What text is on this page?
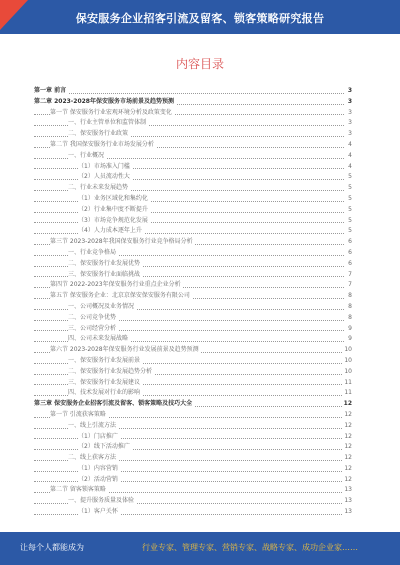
保安服务企业招客引流及留客、锁客策略研究报告
内容目录
第一章 前言	3
第二章 2023-2028年保安服务市场前景及趋势预测	3
第一节 保安服务行业宏观环境分析及政策变化	3
一、行业主管单位和监管体制	3
二、保安服务行业政策	3
第二节 我国保安服务行业市场发展分析	4
一、行业概况	4
（1）市场准入门槛	4
（2）人员流动性大	5
二、行业未来发展趋势	5
（1）业务区域化和集约化	5
（2）行业集中度不断提升	5
（3）市场竞争规范化发展	5
（4）人力成本逐年上升	5
第三节 2023-2028年我国保安服务行业竞争格局分析	6
一、行业竞争格局	6
二、保安服务行业发展优势	6
三、保安服务行业面临挑战	7
第四节 2022-2023年保安服务行业重点企业分析	7
第五节 保安服务企业：北京京保安保安服务有限公司	8
一、公司概况及业务情况	8
二、公司竞争优势	8
三、公司经营分析	9
四、公司未来发展战略	9
第六节 2023-2028年保安服务行业发展前景及趋势预测	10
一、保安服务行业发展前景	10
二、保安服务行业发展趋势分析	10
三、保安服务行业发展建议	11
四、技术发展对行业的影响	11
第三章 保安服务企业招客引流及留客、锁客策略及技巧大全	12
第一节 引流获客策略	12
一、线上引流方法	12
（1）门店推广	12
（2）线下活动推广	12
二、线上获客方法	12
（1）内容营销	12
（2）活动营销	12
第二节 留客锁客策略	13
一、提升服务质量及体验	13
（1）客户关怀	13
让每个人都能成为	行业专家、管理专家、营销专家、战略专家、成功企业家……
